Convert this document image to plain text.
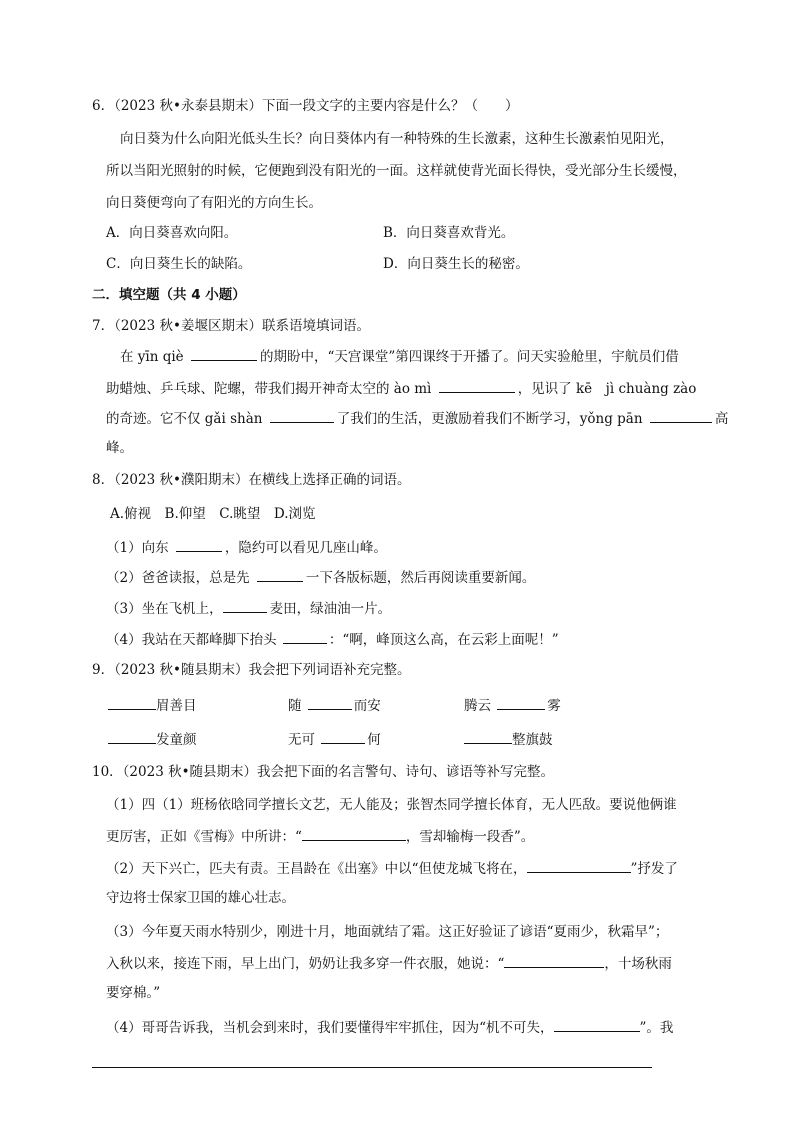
6．（2023 秋•永泰县期末）下面一段文字的主要内容是什么？（　　）
向日葵为什么向阳光低头生长？向日葵体内有一种特殊的生长激素，这种生长激素怕见阳光，
所以当阳光照射的时候，它便跑到没有阳光的一面。这样就使背光面长得快，受光部分生长缓慢，
向日葵便弯向了有阳光的方向生长。
A．向日葵喜欢向阳。	B．向日葵喜欢背光。
C．向日葵生长的缺陷。	D．向日葵生长的秘密。
二．填空题（共 4 小题）
7．（2023 秋•姜堰区期末）联系语境填词语。
在 yīn qiè	的期盼中，“天宫课堂”第四课终于开播了。问天实验舱里，宇航员们借
助蜡烛、乒乓球、陀螺，带我们揭开神奇太空的 ào mì	，见识了 kē　jì chuàng zào
的奇迹。它不仅 gǎi shàn	了我们的生活，更激励着我们不断学习，yǒng pān	高
峰。
8．（2023 秋•濮阳期末）在横线上选择正确的词语。
A.俯视　B.仰望　C.眺望　D.浏览
（1）向东	，隐约可以看见几座山峰。
（2）爸爸读报，总是先	一下各版标题，然后再阅读重要新闻。
（3）坐在飞机上，	麦田，绿油油一片。
（4）我站在天都峰脚下抬头	：“啊，峰顶这么高，在云彩上面呢！”
9．（2023 秋•随县期末）我会把下列词语补充完整。
眉善目	随	而安	腾云	雾
发童颜	无可	何	整旗鼓
10．（2023 秋•随县期末）我会把下面的名言警句、诗句、谚语等补写完整。
（1）四（1）班杨依晗同学擅长文艺，无人能及；张智杰同学擅长体育，无人匹敌。要说他俩谁
更厉害，正如《雪梅》中所讲：“	，雪却输梅一段香”。
（2）天下兴亡，匹夫有责。王昌龄在《出塞》中以“但使龙城飞将在，	”抒发了
守边将士保家卫国的雄心壮志。
（3）今年夏天雨水特别少，刚进十月，地面就结了霜。这正好验证了谚语“夏雨少，秋霜早”；
入秋以来，接连下雨，早上出门，奶奶让我多穿一件衣服，她说：“	，十场秋雨
要穿棉。”
（4）哥哥告诉我，当机会到来时，我们要懂得牢牢抓住，因为“机不可失，	”。我
